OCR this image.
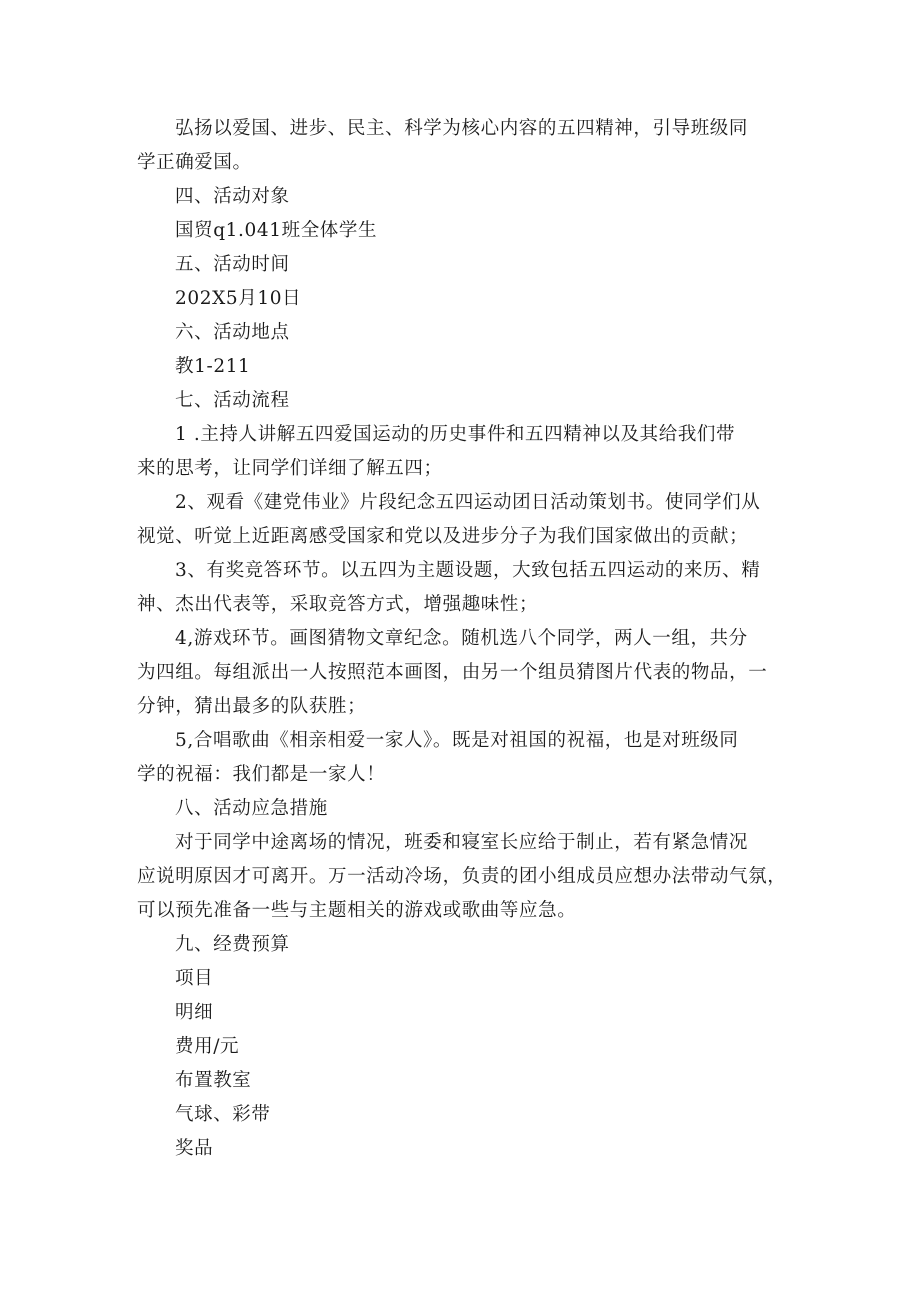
弘扬以爱国、进步、民主、科学为核心内容的五四精神，引导班级同
学正确爱国。
四、活动对象
国贸q1.041班全体学生
五、活动时间
202X5月10日
六、活动地点
教1-211
七、活动流程
1 .主持人讲解五四爱国运动的历史事件和五四精神以及其给我们带
来的思考，让同学们详细了解五四；
2、观看《建党伟业》片段纪念五四运动团日活动策划书。使同学们从
视觉、听觉上近距离感受国家和党以及进步分子为我们国家做出的贡献；
3、有奖竞答环节。以五四为主题设题，大致包括五四运动的来历、精
神、杰出代表等，采取竞答方式，增强趣味性；
4,游戏环节。画图猜物文章纪念。随机选八个同学，两人一组，共分
为四组。每组派出一人按照范本画图，由另一个组员猜图片代表的物品，一
分钟，猜出最多的队获胜；
5,合唱歌曲《相亲相爱一家人》。既是对祖国的祝福，也是对班级同
学的祝福：我们都是一家人！
八、活动应急措施
对于同学中途离场的情况，班委和寝室长应给于制止，若有紧急情况
应说明原因才可离开。万一活动冷场，负责的团小组成员应想办法带动气氛，
可以预先准备一些与主题相关的游戏或歌曲等应急。
九、经费预算
项目
明细
费用/元
布置教室
气球、彩带
奖品
